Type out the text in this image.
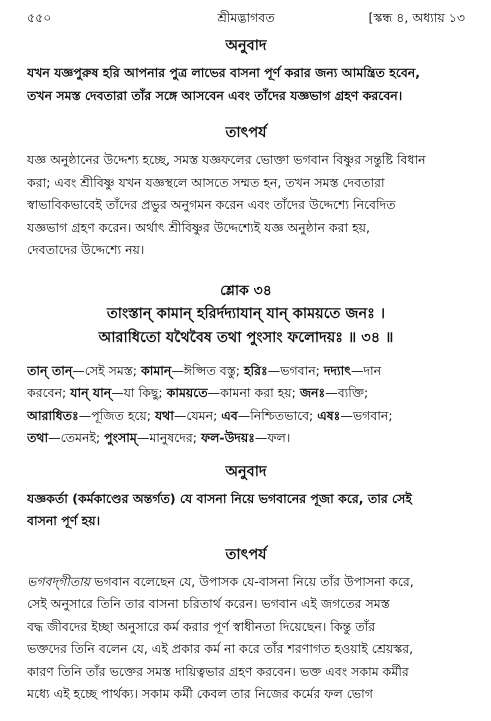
শ্রীমদ্ভাগবত
৫৫০	[স্কন্ধ ৪, অধ্যায় ১৩
অনুবাদ
যখন যজ্ঞপুরুষ হরি আপনার পুত্র লাভের বাসনা পূর্ণ করার জন্য আমন্ত্রিত হবেন,
তখন সমস্ত দেবতারা তাঁর সঙ্গে আসবেন এবং তাঁদের যজ্ঞভাগ গ্রহণ করবেন।
তাৎপর্য
যজ্ঞ অনুষ্ঠানের উদ্দেশ্য হচ্ছে, সমস্ত যজ্ঞফলের ভোক্তা ভগবান বিষ্ণুর সন্তুষ্টি বিধান
করা; এবং শ্রীবিষ্ণু যখন যজ্ঞস্থলে আসতে সম্মত হন, তখন সমস্ত দেবতারা
স্বাভাবিকভাবেই তাঁদের প্রভুর অনুগমন করেন এবং তাঁদের উদ্দেশ্যে নিবেদিত
যজ্ঞভাগ গ্রহণ করেন। অর্থাৎ শ্রীবিষ্ণুর উদ্দেশ্যেই যজ্ঞ অনুষ্ঠান করা হয়,
দেবতাদের উদ্দেশ্যে নয়।
শ্লোক ৩৪
তাংস্তান্ কামান্ হরির্দদ্যাযান্ যান্ কাময়তে জনঃ ।
আরাধিতো যথৈবৈষ তথা পুংসাং ফলোদয়ঃ ॥ ৩৪ ॥
তান্ তান্—সেই সমস্ত; কামান্—ঈপ্সিত বস্তু; হরিঃ—ভগবান; দদ্যাৎ—দান
করবেন; যান্ যান্—যা কিছু; কাময়তে—কামনা করা হয়; জনঃ—ব্যক্তি;
আরাধিতঃ—পূজিত হয়ে; যথা—যেমন; এব—নিশ্চিতভাবে; এষঃ—ভগবান;
তথা—তেমনই; পুংসাম্—মানুষদের; ফল-উদয়ঃ—ফল।
অনুবাদ
যজ্ঞকর্তা (কর্মকাণ্ডের অন্তর্গত) যে বাসনা নিয়ে ভগবানের পূজা করে, তার সেই
বাসনা পূর্ণ হয়।
তাৎপর্য
ভগবদ্‌গীতায় ভগবান বলেছেন যে, উপাসক যে-বাসনা নিয়ে তাঁর উপাসনা করে,
সেই অনুসারে তিনি তার বাসনা চরিতার্থ করেন। ভগবান এই জগতের সমস্ত
বদ্ধ জীবদের ইচ্ছা অনুসারে কর্ম করার পূর্ণ স্বাধীনতা দিয়েছেন। কিন্তু তাঁর
ভক্তদের তিনি বলেন যে, এই প্রকার কর্ম না করে তাঁর শরণাগত হওয়াই শ্রেয়স্কর,
কারণ তিনি তাঁর ভক্তের সমস্ত দায়িত্বভার গ্রহণ করবেন। ভক্ত এবং সকাম কর্মীর
মধ্যে এই হচ্ছে পার্থক্য। সকাম কর্মী কেবল তার নিজের কর্মের ফল ভোগ
